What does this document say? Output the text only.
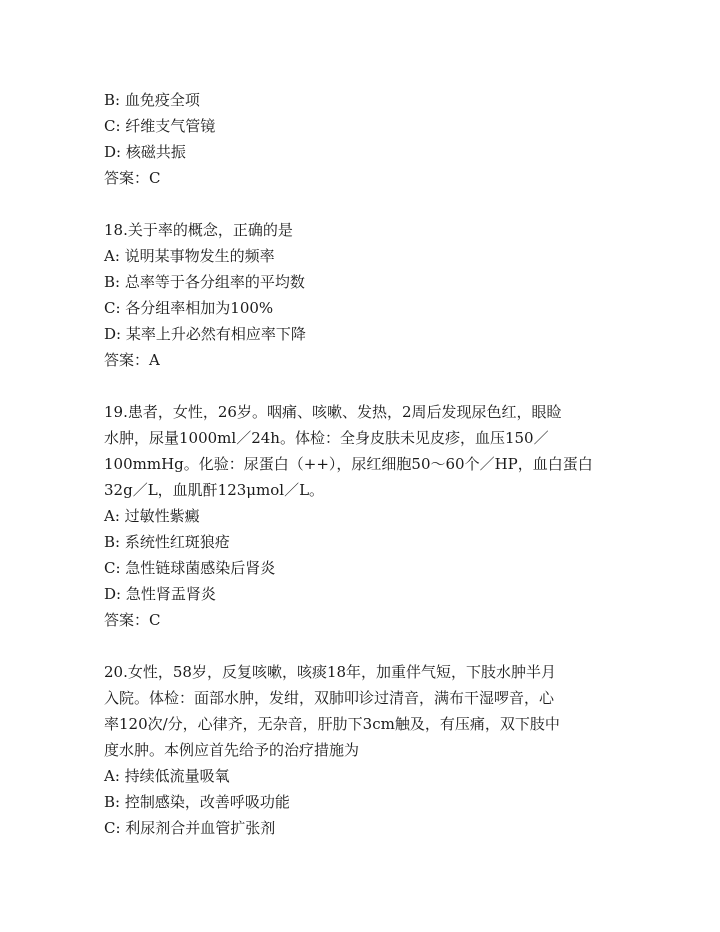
B: 血免疫全项
C: 纤维支气管镜
D: 核磁共振
答案：C
18.关于率的概念，正确的是
A: 说明某事物发生的频率
B: 总率等于各分组率的平均数
C: 各分组率相加为100%
D: 某率上升必然有相应率下降
答案：A
19.患者，女性，26岁。咽痛、咳嗽、发热，2周后发现尿色红，眼睑
水肿，尿量1000ml／24h。体检：全身皮肤未见皮疹，血压150／
100mmHg。化验：尿蛋白（++），尿红细胞50～60个／HP，血白蛋白
32g／L，血肌酐123μmol／L。
A: 过敏性紫癜
B: 系统性红斑狼疮
C: 急性链球菌感染后肾炎
D: 急性肾盂肾炎
答案：C
20.女性，58岁，反复咳嗽，咳痰18年，加重伴气短，下肢水肿半月
入院。体检：面部水肿，发绀，双肺叩诊过清音，满布干湿啰音，心
率120次/分，心律齐，无杂音，肝肋下3cm触及，有压痛，双下肢中
度水肿。本例应首先给予的治疗措施为
A: 持续低流量吸氧
B: 控制感染，改善呼吸功能
C: 利尿剂合并血管扩张剂
